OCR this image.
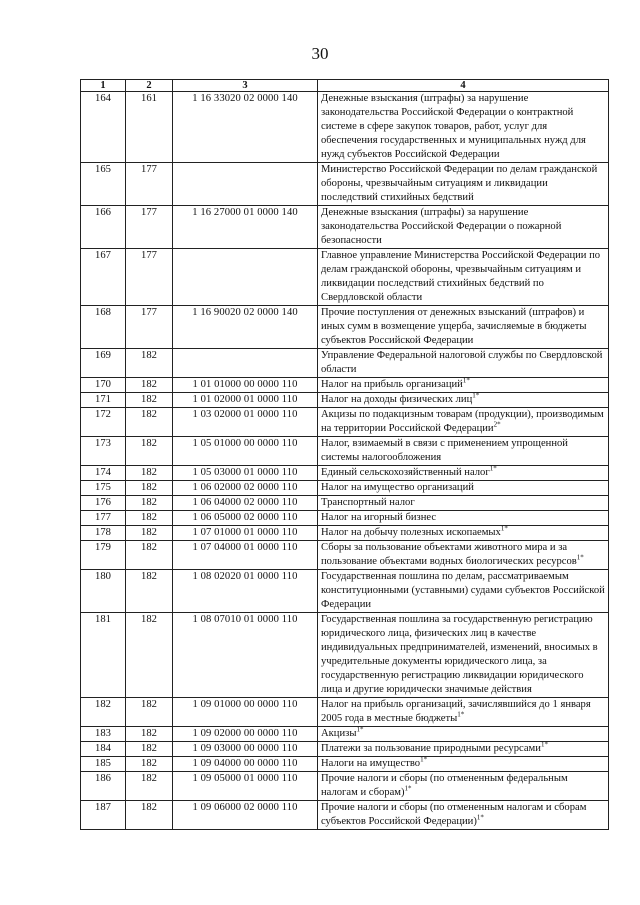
30
1	2	3	4
164	161	1 16 33020 02 0000 140	Денежные взыскания (штрафы) за нарушение законодательства Российской Федерации о контрактной системе в сфере закупок товаров, работ, услуг для обеспечения государственных и муниципальных нужд для нужд субъектов Российской Федерации
165	177		Министерство Российской Федерации по делам гражданской обороны, чрезвычайным ситуациям и ликвидации последствий стихийных бедствий
166	177	1 16 27000 01 0000 140	Денежные взыскания (штрафы) за нарушение законодательства Российской Федерации о пожарной безопасности
167	177		Главное управление Министерства Российской Федерации по делам гражданской обороны, чрезвычайным ситуациям и ликвидации последствий стихийных бедствий по Свердловской области
168	177	1 16 90020 02 0000 140	Прочие поступления от денежных взысканий (штрафов) и иных сумм в возмещение ущерба, зачисляемые в бюджеты субъектов Российской Федерации
169	182		Управление Федеральной налоговой службы по Свердловской области
170	182	1 01 01000 00 0000 110	Налог на прибыль организаций$^{1*}$
171	182	1 01 02000 01 0000 110	Налог на доходы физических лиц$^{1*}$
172	182	1 03 02000 01 0000 110	Акцизы по подакцизным товарам (продукции), производимым на территории Российской Федерации$^{2*}$
173	182	1 05 01000 00 0000 110	Налог, взимаемый в связи с применением упрощенной системы налогообложения
174	182	1 05 03000 01 0000 110	Единый сельскохозяйственный налог$^{1*}$
175	182	1 06 02000 02 0000 110	Налог на имущество организаций
176	182	1 06 04000 02 0000 110	Транспортный налог
177	182	1 06 05000 02 0000 110	Налог на игорный бизнес
178	182	1 07 01000 01 0000 110	Налог на добычу полезных ископаемых$^{1*}$
179	182	1 07 04000 01 0000 110	Сборы за пользование объектами животного мира и за пользование объектами водных биологических ресурсов$^{1*}$
180	182	1 08 02020 01 0000 110	Государственная пошлина по делам, рассматриваемым конституционными (уставными) судами субъектов Российской Федерации
181	182	1 08 07010 01 0000 110	Государственная пошлина за государственную регистрацию юридического лица, физических лиц в качестве индивидуальных предпринимателей, изменений, вносимых в учредительные документы юридического лица, за государственную регистрацию ликвидации юридического лица и другие юридически значимые действия
182	182	1 09 01000 00 0000 110	Налог на прибыль организаций, зачислявшийся до 1 января 2005 года в местные бюджеты$^{1*}$
183	182	1 09 02000 00 0000 110	Акцизы$^{1*}$
184	182	1 09 03000 00 0000 110	Платежи за пользование природными ресурсами$^{1*}$
185	182	1 09 04000 00 0000 110	Налоги на имущество$^{1*}$
186	182	1 09 05000 01 0000 110	Прочие налоги и сборы (по отмененным федеральным налогам и сборам)$^{1*}$
187	182	1 09 06000 02 0000 110	Прочие налоги и сборы (по отмененным налогам и сборам субъектов Российской Федерации)$^{1*}$
